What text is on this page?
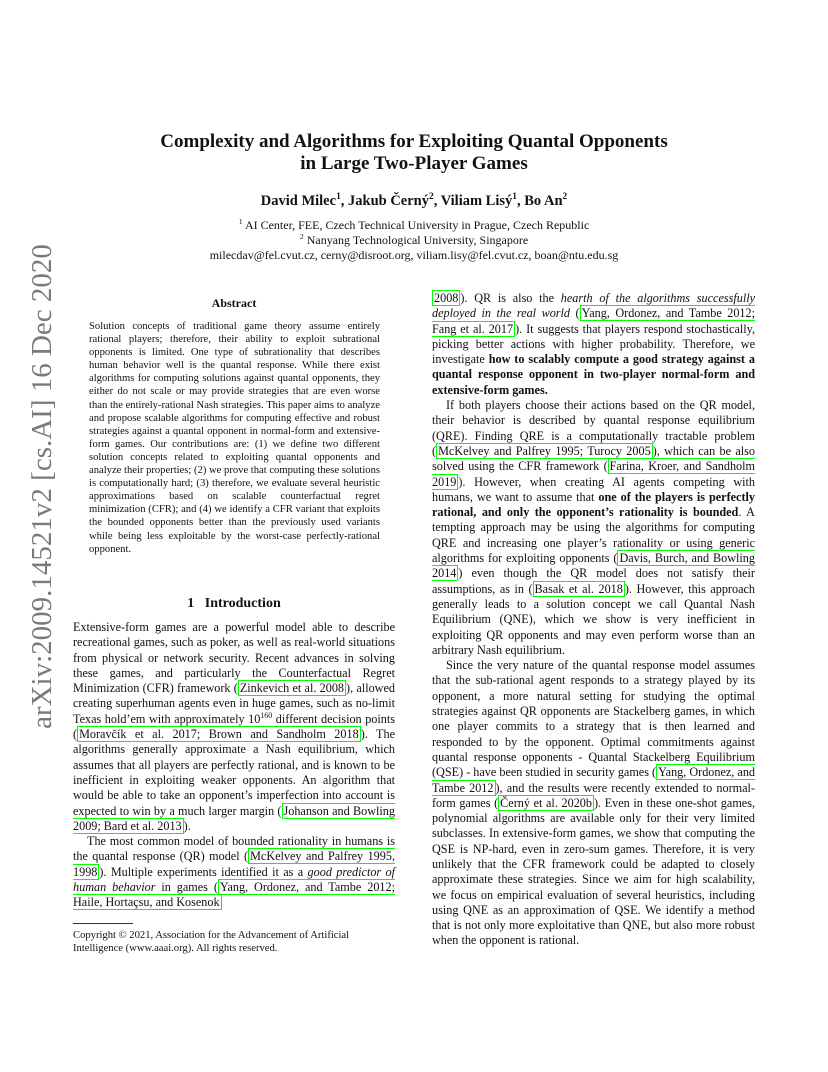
arXiv:2009.14521v2 [cs.AI] 16 Dec 2020
Complexity and Algorithms for Exploiting Quantal Opponents
in Large Two-Player Games
David Milec$^1$, Jakub Černý$^2$, Viliam Lisý$^1$, Bo An$^2$
$^1$ AI Center, FEE, Czech Technical University in Prague, Czech Republic
$^2$ Nanyang Technological University, Singapore
milecdav@fel.cvut.cz, cerny@disroot.org, viliam.lisy@fel.cvut.cz, boan@ntu.edu.sg
Abstract
Solution concepts of traditional game theory assume entirely rational players; therefore, their ability to exploit subrational opponents is limited. One type of subrationality that describes human behavior well is the quantal response. While there exist algorithms for computing solutions against quantal opponents, they either do not scale or may provide strategies that are even worse than the entirely-rational Nash strategies. This paper aims to analyze and propose scalable algorithms for computing effective and robust strategies against a quantal opponent in normal-form and extensive-form games. Our contributions are: (1) we define two different solution concepts related to exploiting quantal opponents and analyze their properties; (2) we prove that computing these solutions is computationally hard; (3) therefore, we evaluate several heuristic approximations based on scalable counterfactual regret minimization (CFR); and (4) we identify a CFR variant that exploits the bounded opponents better than the previously used variants while being less exploitable by the worst-case perfectly-rational opponent.
1 Introduction

Extensive-form games are a powerful model able to describe recreational games, such as poker, as well as real-world situations from physical or network security. Recent advances in solving these games, and particularly the Counterfactual Regret Minimization (CFR) framework ( Zinkevich et al. 2008 ), allowed creating superhuman agents even in huge games, such as no-limit Texas hold’em with approximately $10^{160}$ different decision points ( Moravčík et al. 2017; Brown and Sandholm 2018 ). The algorithms generally approximate a Nash equilibrium, which assumes that all players are perfectly rational, and is known to be inefficient in exploiting weaker opponents. An algorithm that would be able to take an opponent’s imperfection into account is expected to win by a much larger margin ( Johanson and Bowling 2009; Bard et al. 2013 ).

The most common model of bounded rationality in humans is the quantal response (QR) model ( McKelvey and Palfrey 1995, 1998 ). Multiple experiments identified it as a good predictor of human behavior in games ( Yang, Ordonez, and Tambe 2012; Haile, Hortaçsu, and Kosenok

Copyright © 2021, Association for the Advancement of Artificial Intelligence (www.aaai.org). All rights reserved.

2008 ). QR is also the hearth of the algorithms successfully deployed in the real world ( Yang, Ordonez, and Tambe 2012; Fang et al. 2017 ). It suggests that players respond stochastically, picking better actions with higher probability. Therefore, we investigate how to scalably compute a good strategy against a quantal response opponent in two-player normal-form and extensive-form games.

If both players choose their actions based on the QR model, their behavior is described by quantal response equilibrium (QRE). Finding QRE is a computationally tractable problem ( McKelvey and Palfrey 1995; Turocy 2005 ), which can be also solved using the CFR framework ( Farina, Kroer, and Sandholm 2019 ). However, when creating AI agents competing with humans, we want to assume that one of the players is perfectly rational, and only the opponent’s rationality is bounded. A tempting approach may be using the algorithms for computing QRE and increasing one player’s rationality or using generic algorithms for exploiting opponents ( Davis, Burch, and Bowling 2014 ) even though the QR model does not satisfy their assumptions, as in ( Basak et al. 2018 ). However, this approach generally leads to a solution concept we call Quantal Nash Equilibrium (QNE), which we show is very inefficient in exploiting QR opponents and may even perform worse than an arbitrary Nash equilibrium.

Since the very nature of the quantal response model assumes that the sub-rational agent responds to a strategy played by its opponent, a more natural setting for studying the optimal strategies against QR opponents are Stackelberg games, in which one player commits to a strategy that is then learned and responded to by the opponent. Optimal commitments against quantal response opponents - Quantal Stackelberg Equilibrium (QSE) - have been studied in security games ( Yang, Ordonez, and Tambe 2012 ), and the results were recently extended to normal-form games ( Černý et al. 2020b ). Even in these one-shot games, polynomial algorithms are available only for their very limited subclasses. In extensive-form games, we show that computing the QSE is NP-hard, even in zero-sum games. Therefore, it is very unlikely that the CFR framework could be adapted to closely approximate these strategies. Since we aim for high scalability, we focus on empirical evaluation of several heuristics, including using QNE as an approximation of QSE. We identify a method that is not only more exploitative than QNE, but also more robust when the opponent is rational.
